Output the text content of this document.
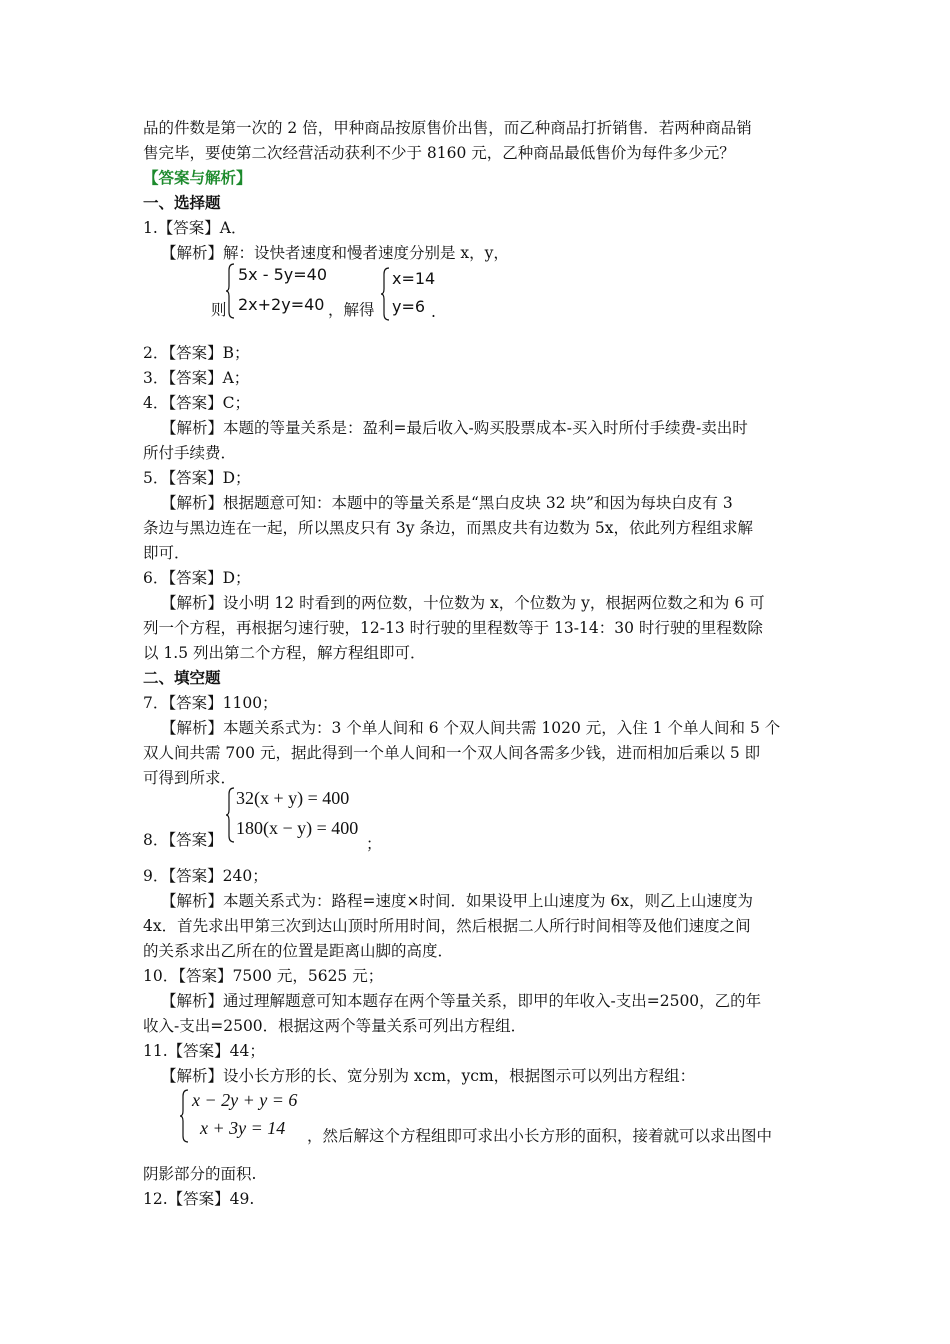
品的件数是第一次的 2 倍，甲种商品按原售价出售，而乙种商品打折销售．若两种商品销
售完毕，要使第二次经营活动获利不少于 8160 元，乙种商品最低售价为每件多少元？
【答案与解析】
一、选择题
1.【答案】A．
【解析】解：设快者速度和慢者速度分别是 x，y，
则
5x - 5y=40
2x+2y=40 ，解得
x=14
y=6 .
2．【答案】B；
3．【答案】A；
4．【答案】C；
【解析】本题的等量关系是：盈利=最后收入-购买股票成本-买入时所付手续费-卖出时
所付手续费．
5．【答案】D；
【解析】根据题意可知：本题中的等量关系是“黑白皮块 32 块”和因为每块白皮有 3
条边与黑边连在一起，所以黑皮只有 3y 条边，而黑皮共有边数为 5x，依此列方程组求解
即可．
6．【答案】D；
【解析】设小明 12 时看到的两位数，十位数为 x，个位数为 y，根据两位数之和为 6 可
列一个方程，再根据匀速行驶，12-13 时行驶的里程数等于 13-14：30 时行驶的里程数除
以 1.5 列出第二个方程，解方程组即可．
二、填空题
7．【答案】1100；
【解析】本题关系式为：3 个单人间和 6 个双人间共需 1020 元，入住 1 个单人间和 5 个
双人间共需 700 元，据此得到一个单人间和一个双人间各需多少钱，进而相加后乘以 5 即
可得到所求．
8．【答案】
32(x + y) = 400
180(x − y) = 400
；
9．【答案】240；
【解析】本题关系式为：路程=速度×时间．如果设甲上山速度为 6x，则乙上山速度为
4x．首先求出甲第三次到达山顶时所用时间，然后根据二人所行时间相等及他们速度之间
的关系求出乙所在的位置是距离山脚的高度．
10．【答案】7500 元，5625 元；
【解析】通过理解题意可知本题存在两个等量关系，即甲的年收入-支出=2500，乙的年
收入-支出=2500．根据这两个等量关系可列出方程组．
11.【答案】44；
【解析】设小长方形的长、宽分别为 xcm，ycm，根据图示可以列出方程组：
x − 2y + y = 6
x + 3y = 14 ，然后解这个方程组即可求出小长方形的面积，接着就可以求出图中
阴影部分的面积.
12.【答案】49.
